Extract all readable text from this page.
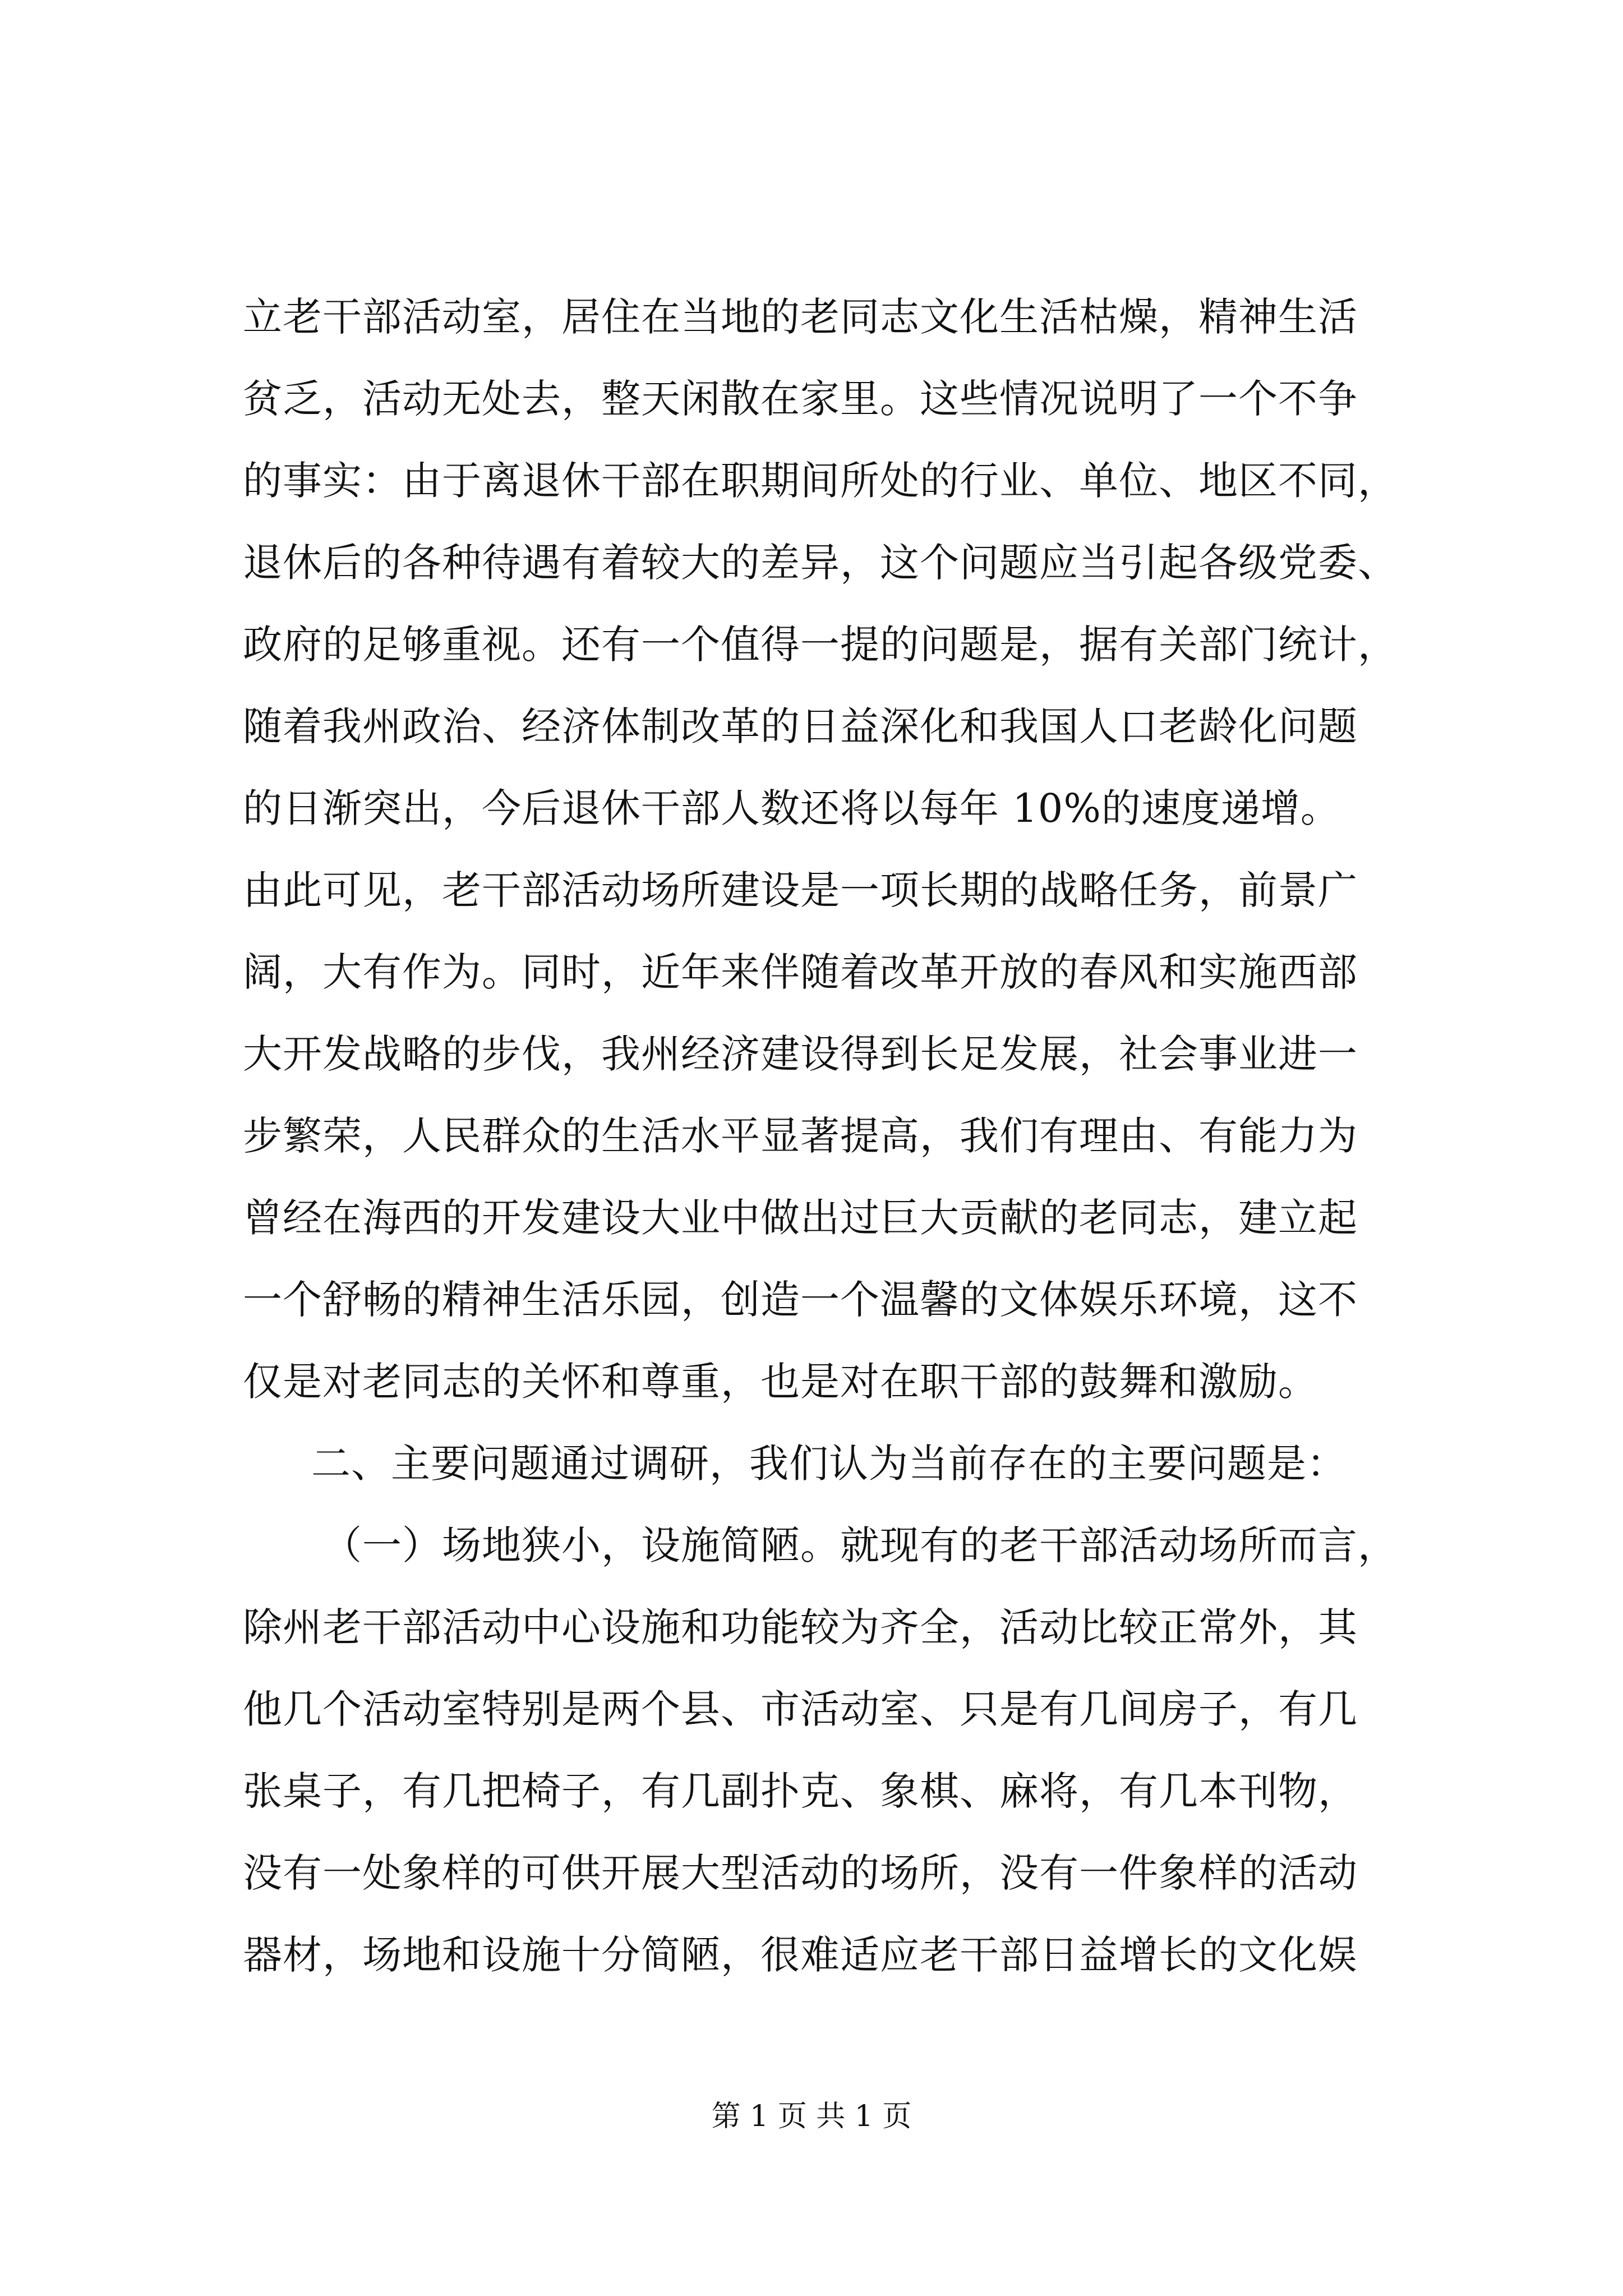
立老干部活动室，居住在当地的老同志文化生活枯燥，精神生活
贫乏，活动无处去，整天闲散在家里。这些情况说明了一个不争
的事实：由于离退休干部在职期间所处的行业、单位、地区不同，
退休后的各种待遇有着较大的差异，这个问题应当引起各级党委、
政府的足够重视。还有一个值得一提的问题是，据有关部门统计，
随着我州政治、经济体制改革的日益深化和我国人口老龄化问题
的日渐突出，今后退休干部人数还将以每年 10%的速度递增。
由此可见，老干部活动场所建设是一项长期的战略任务，前景广
阔，大有作为。同时，近年来伴随着改革开放的春风和实施西部
大开发战略的步伐，我州经济建设得到长足发展，社会事业进一
步繁荣，人民群众的生活水平显著提高，我们有理由、有能力为
曾经在海西的开发建设大业中做出过巨大贡献的老同志，建立起
一个舒畅的精神生活乐园，创造一个温馨的文体娱乐环境，这不
仅是对老同志的关怀和尊重，也是对在职干部的鼓舞和激励。
二、主要问题通过调研，我们认为当前存在的主要问题是：
（一）场地狭小，设施简陋。就现有的老干部活动场所而言，
除州老干部活动中心设施和功能较为齐全，活动比较正常外，其
他几个活动室特别是两个县、市活动室、只是有几间房子，有几
张桌子，有几把椅子，有几副扑克、象棋、麻将，有几本刊物，
没有一处象样的可供开展大型活动的场所，没有一件象样的活动
器材，场地和设施十分简陋，很难适应老干部日益增长的文化娱
第 1 页 共 1 页
